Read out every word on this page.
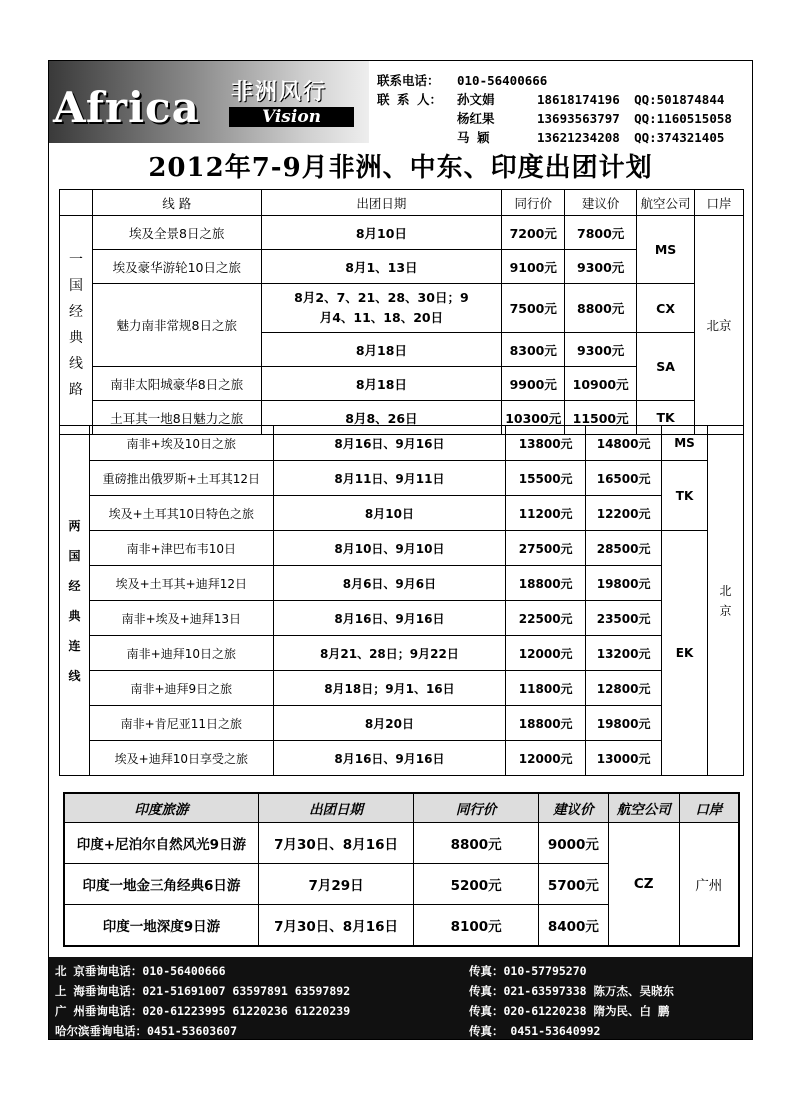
Africa 非洲风行
Vision
联系电话： 010-56400666
联 系 人： 孙文娟	18618174196 QQ:501874844
杨红果	13693563797 QQ:1160515058
马 颖	13621234208 QQ:374321405
2012年7-9月非洲、中东、印度出团计划
	线 路	出团日期	同行价	建议价	航空公司	口岸

一国经典线路	埃及全景8日之旅	8月10日	7200元	7800元	MS	北京
	埃及豪华游轮10日之旅	8月1、13日	9100元	9300元		
	魅力南非常规8日之旅	8月2、7、21、28、30日；9月4、11、18、20日	7500元	8800元	CX	
		8月18日	8300元	9300元	SA	
	南非太阳城豪华8日之旅	8月18日	9900元	10900元		
	土耳其一地8日魅力之旅	8月8、26日	10300元	11500元	TK	
两国经典连线	南非+埃及10日之旅	8月16日、9月16日	13800元	14800元	MS	北京

	重磅推出俄罗斯+土耳其12日	8月11日、9月11日	15500元	16500元	TK	
	埃及+土耳其10日特色之旅	8月10日	11200元	12200元		
	南非+津巴布韦10日	8月10日、9月10日	27500元	28500元	EK	
	埃及+土耳其+迪拜12日	8月6日、9月6日	18800元	19800元		
	南非+埃及+迪拜13日	8月16日、9月16日	22500元	23500元		
	南非+迪拜10日之旅	8月21、28日；9月22日	12000元	13200元		
	南非+迪拜9日之旅	8月18日；9月1、16日	11800元	12800元		
	南非+肯尼亚11日之旅	8月20日	18800元	19800元		
	埃及+迪拜10日享受之旅	8月16日、9月16日	12000元	13000元		
印度旅游	出团日期	同行价	建议价	航空公司	口岸
印度+尼泊尔自然风光9日游	7月30日、8月16日	8800元	9000元	CZ	广州
印度一地金三角经典6日游	7月29日	5200元	5700元		
印度一地深度9日游	7月30日、8月16日	8100元	8400元		
北 京垂询电话：010-56400666	传真：010-57795270
上 海垂询电话：021-51691007 63597891 63597892	传真：021-63597338 陈万杰、吴晓东
广 州垂询电话：020-61223995 61220236 61220239	传真：020-61220238 隋为民、白 鹏
哈尔滨垂询电话：0451-53603607	传真： 0451-53640992
